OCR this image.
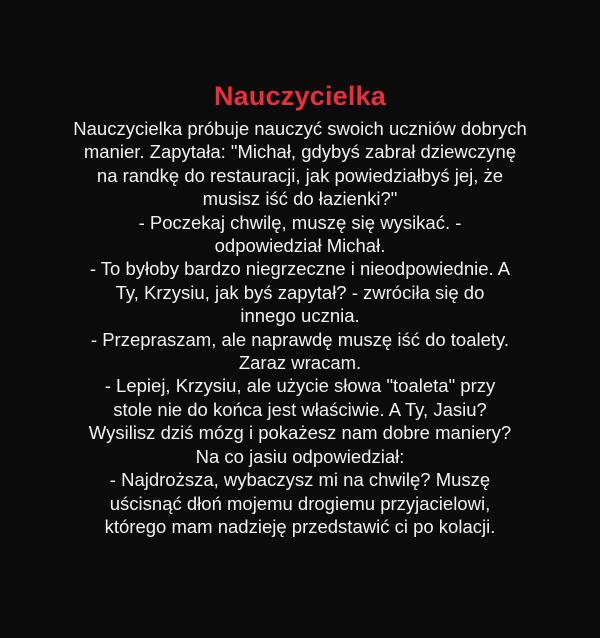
Nauczycielka
Nauczycielka próbuje nauczyć swoich uczniów dobrych
manier. Zapytała: "Michał, gdybyś zabrał dziewczynę
na randkę do restauracji, jak powiedziałbyś jej, że
musisz iść do łazienki?"
- Poczekaj chwilę, muszę się wysikać. -
odpowiedział Michał.
- To byłoby bardzo niegrzeczne i nieodpowiednie. A
Ty, Krzysiu, jak byś zapytał? - zwróciła się do
innego ucznia.
- Przepraszam, ale naprawdę muszę iść do toalety.
Zaraz wracam.
- Lepiej, Krzysiu, ale użycie słowa "toaleta" przy
stole nie do końca jest właściwie. A Ty, Jasiu?
Wysilisz dziś mózg i pokażesz nam dobre maniery?
Na co jasiu odpowiedział:
- Najdroższa, wybaczysz mi na chwilę? Muszę
uścisnąć dłoń mojemu drogiemu przyjacielowi,
którego mam nadzieję przedstawić ci po kolacji.
